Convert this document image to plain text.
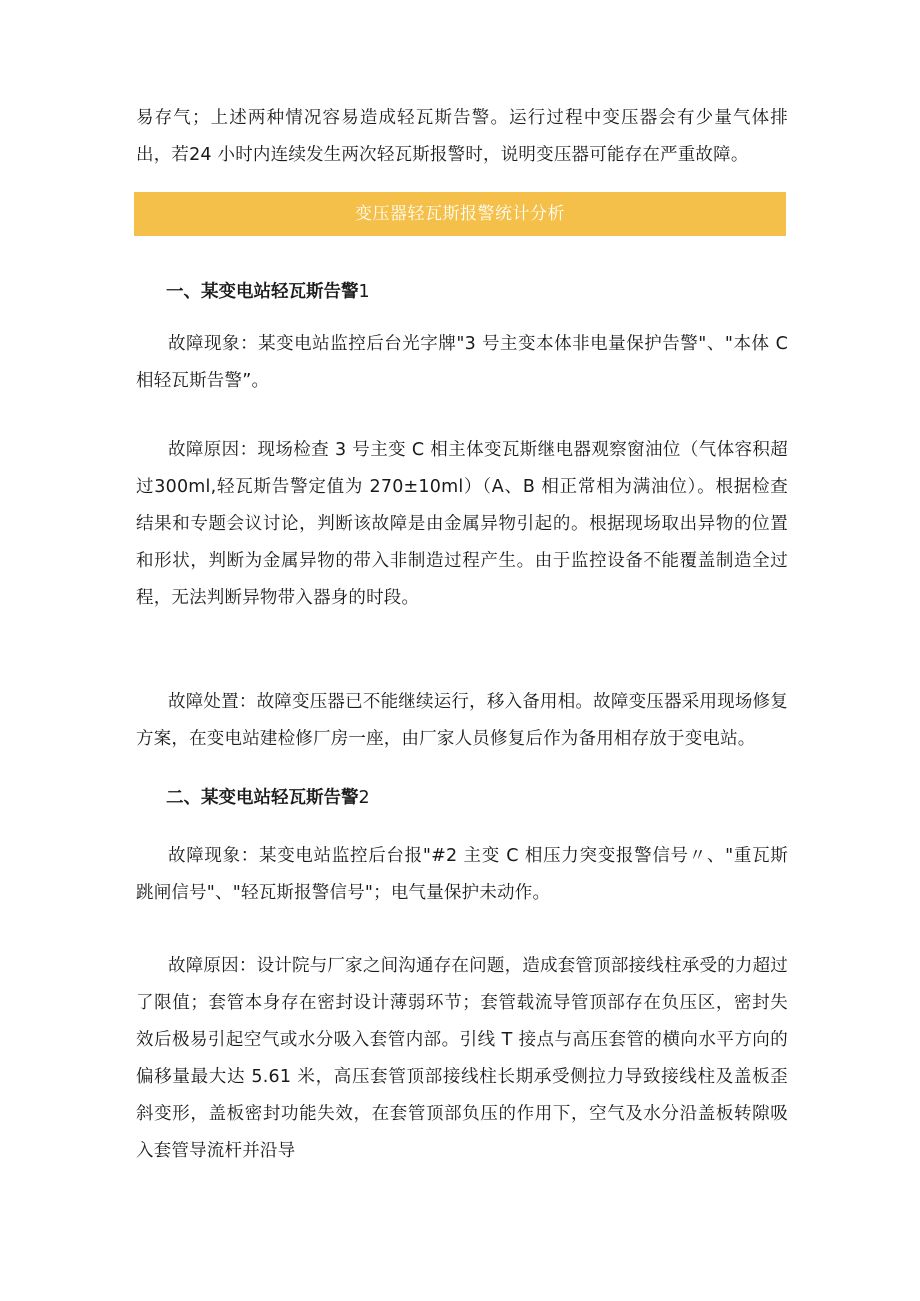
易存气；上述两种情况容易造成轻瓦斯告警。运行过程中变压器会有少量气体排出，若24 小时内连续发生两次轻瓦斯报警时，说明变压器可能存在严重故障。

变压器轻瓦斯报警统计分析
一、某变电站轻瓦斯告警1

故障现象：某变电站监控后台光字牌"3 号主变本体非电量保护告警"、"本体 C 相轻瓦斯告警”。

故障原因：现场检查 3 号主变 C 相主体变瓦斯继电器观察窗油位（气体容积超过300ml,轻瓦斯告警定值为 270±10ml）（A、B 相正常相为满油位）。根据检查结果和专题会议讨论，判断该故障是由金属异物引起的。根据现场取出异物的位置和形状，判断为金属异物的带入非制造过程产生。由于监控设备不能覆盖制造全过程，无法判断异物带入器身的时段。

故障处置：故障变压器已不能继续运行，移入备用相。故障变压器采用现场修复方案，在变电站建检修厂房一座，由厂家人员修复后作为备用相存放于变电站。

二、某变电站轻瓦斯告警2

故障现象：某变电站监控后台报"#2 主变 C 相压力突变报警信号〃、"重瓦斯跳闸信号"、"轻瓦斯报警信号"；电气量保护未动作。

故障原因：设计院与厂家之间沟通存在问题，造成套管顶部接线柱承受的力超过了限值；套管本身存在密封设计薄弱环节；套管载流导管顶部存在负压区，密封失效后极易引起空气或水分吸入套管内部。引线 T 接点与高压套管的横向水平方向的偏移量最大达 5.61 米，高压套管顶部接线柱长期承受侧拉力导致接线柱及盖板歪斜变形，盖板密封功能失效，在套管顶部负压的作用下，空气及水分沿盖板转隙吸入套管导流杆并沿导
